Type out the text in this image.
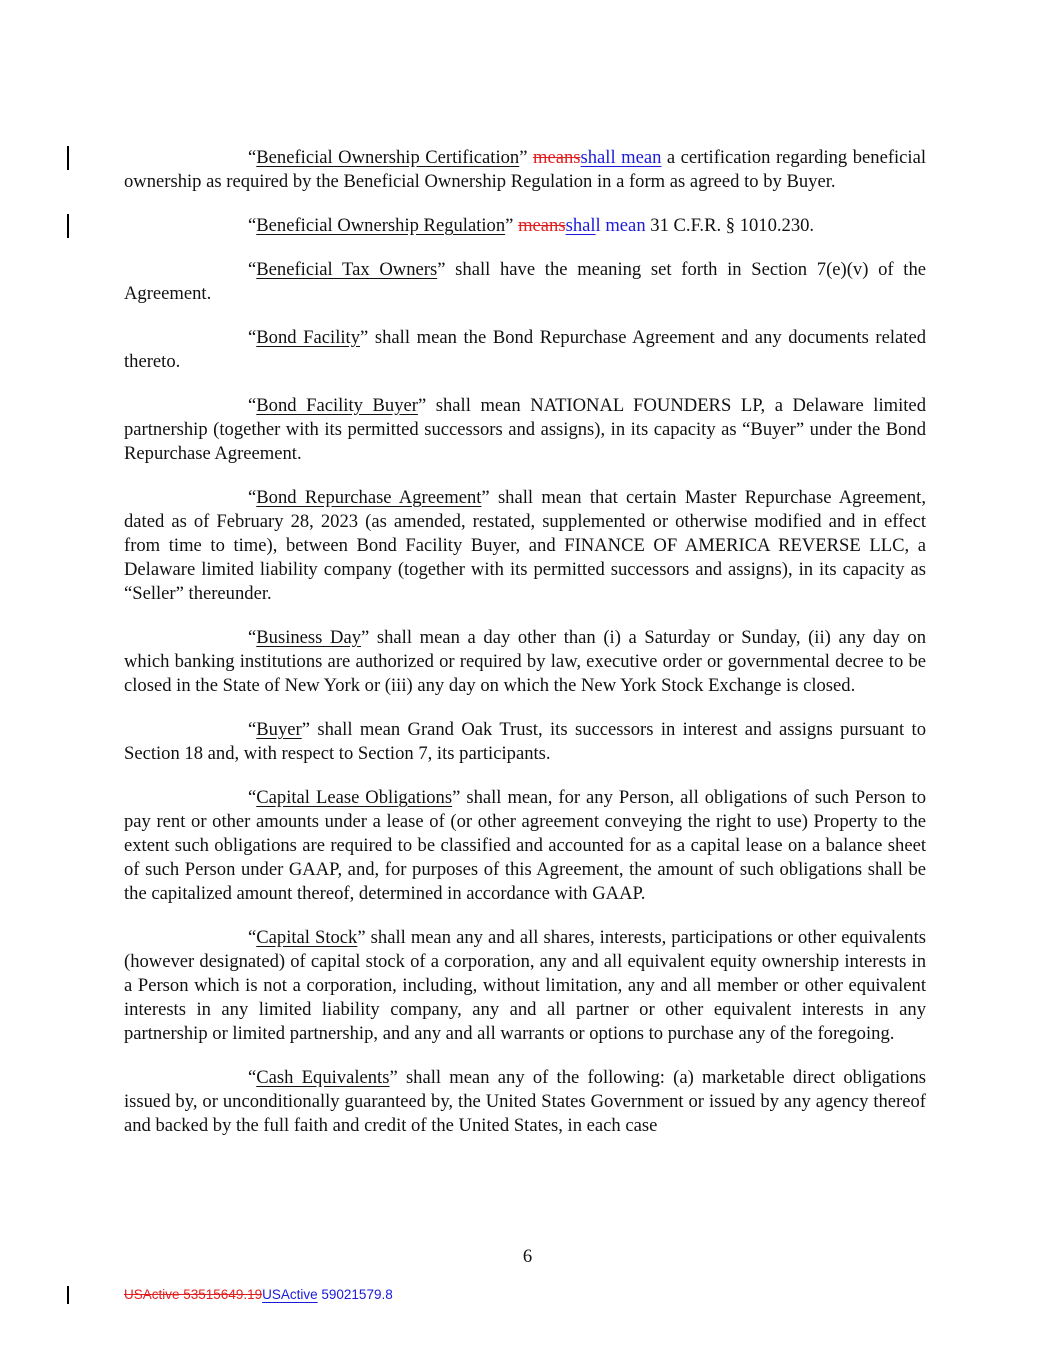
“Beneficial Ownership Certification” meansshall mean a certification regarding beneficial ownership as required by the Beneficial Ownership Regulation in a form as agreed to by Buyer.

“Beneficial Ownership Regulation” meansshall mean 31 C.F.R. § 1010.230.

“Beneficial Tax Owners” shall have the meaning set forth in Section 7(e)(v) of the Agreement.

“Bond Facility” shall mean the Bond Repurchase Agreement and any documents related thereto.

“Bond Facility Buyer” shall mean NATIONAL FOUNDERS LP, a Delaware limited partnership (together with its permitted successors and assigns), in its capacity as “Buyer” under the Bond Repurchase Agreement.

“Bond Repurchase Agreement” shall mean that certain Master Repurchase Agreement, dated as of February 28, 2023 (as amended, restated, supplemented or otherwise modified and in effect from time to time), between Bond Facility Buyer, and FINANCE OF AMERICA REVERSE LLC, a Delaware limited liability company (together with its permitted successors and assigns), in its capacity as “Seller” thereunder.

“Business Day” shall mean a day other than (i) a Saturday or Sunday, (ii) any day on which banking institutions are authorized or required by law, executive order or governmental decree to be closed in the State of New York or (iii) any day on which the New York Stock Exchange is closed.

“Buyer” shall mean Grand Oak Trust, its successors in interest and assigns pursuant to Section 18 and, with respect to Section 7, its participants.

“Capital Lease Obligations” shall mean, for any Person, all obligations of such Person to pay rent or other amounts under a lease of (or other agreement conveying the right to use) Property to the extent such obligations are required to be classified and accounted for as a capital lease on a balance sheet of such Person under GAAP, and, for purposes of this Agreement, the amount of such obligations shall be the capitalized amount thereof, determined in accordance with GAAP.

“Capital Stock” shall mean any and all shares, interests, participations or other equivalents (however designated) of capital stock of a corporation, any and all equivalent equity ownership interests in a Person which is not a corporation, including, without limitation, any and all member or other equivalent interests in any limited liability company, any and all partner or other equivalent interests in any partnership or limited partnership, and any and all warrants or options to purchase any of the foregoing.

“Cash Equivalents” shall mean any of the following: (a) marketable direct obligations issued by, or unconditionally guaranteed by, the United States Government or issued by any agency thereof and backed by the full faith and credit of the United States, in each case

6
USActive 53515649.19USActive 59021579.8
